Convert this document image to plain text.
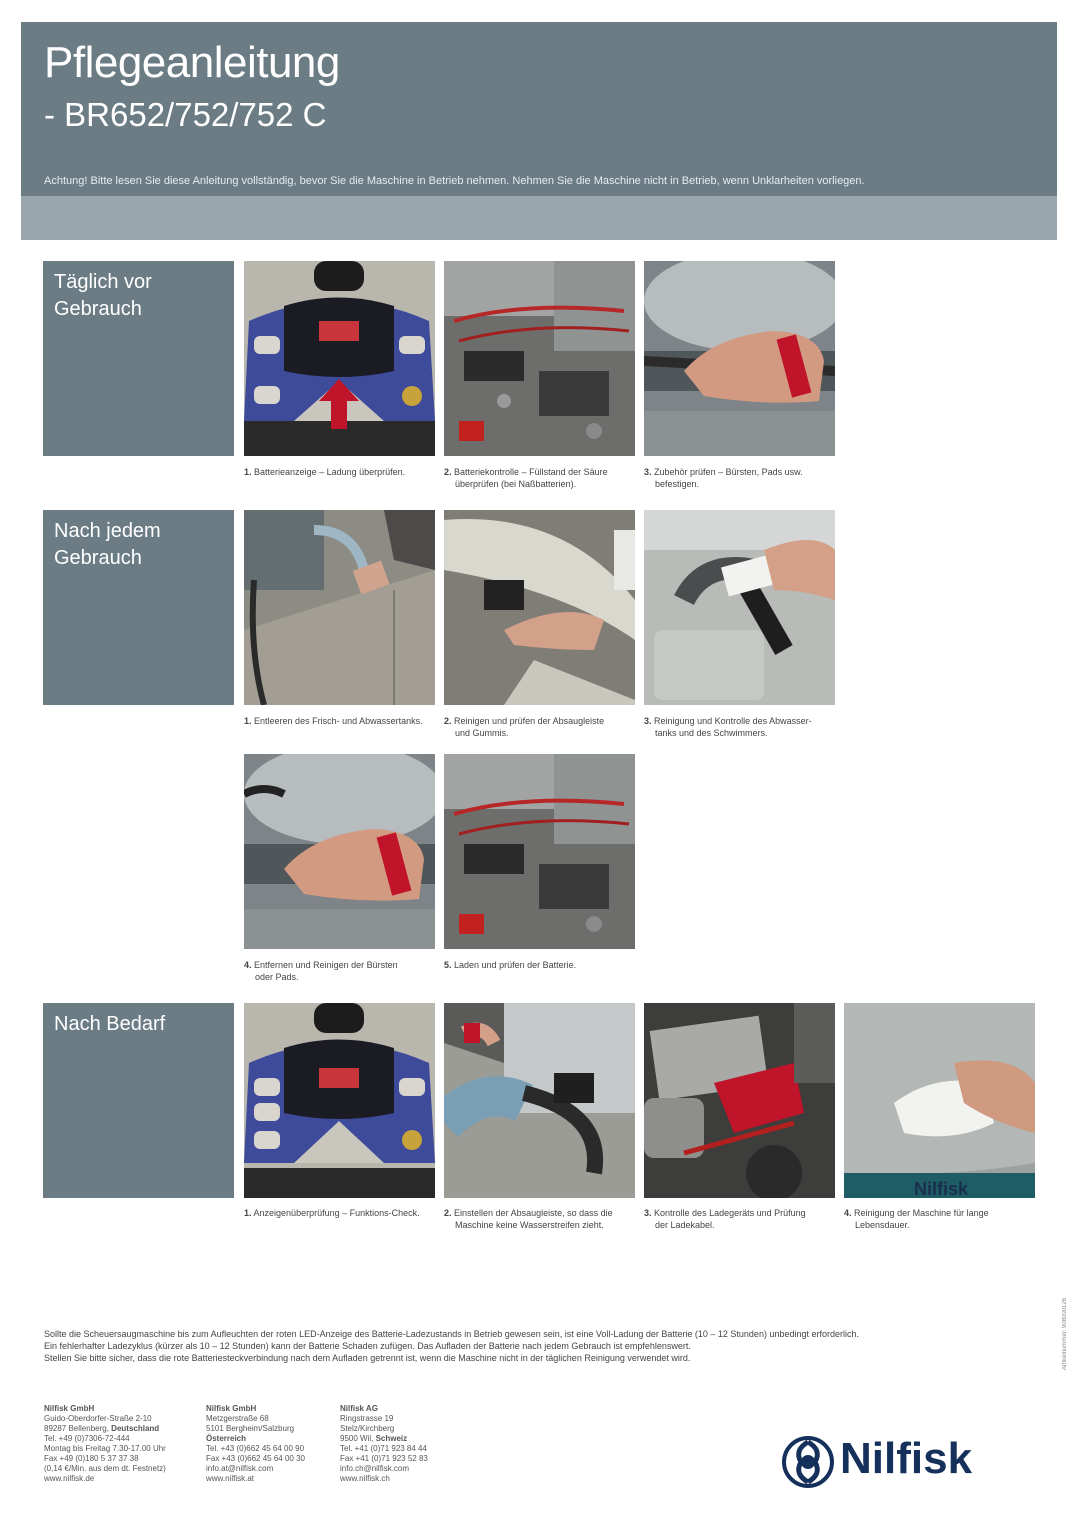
Pflegeanleitung
- BR652/752/752 C
Achtung! Bitte lesen Sie diese Anleitung vollständig, bevor Sie die Maschine in Betrieb nehmen. Nehmen Sie die Maschine nicht in Betrieb, wenn Unklarheiten vorliegen.
Täglich vor
Gebrauch
1. Batterieanzeige – Ladung überprüfen.	2. Batteriekontrolle – Füllstand der Säure
überprüfen (bei Naßbatterien).
3. Zubehör prüfen – Bürsten, Pads usw.
befestigen.
Nach jedem
Gebrauch
1. Entleeren des Frisch- und Abwassertanks.	2. Reinigen und prüfen der Absaugleiste
und Gummis.
3. Reinigung und Kontrolle des Abwasser-
tanks und des Schwimmers.
4. Entfernen und Reinigen der Bürsten
oder Pads.
5. Laden und prüfen der Batterie.
Nach Bedarf
Nilfisk
1. Anzeigenüberprüfung – Funktions-Check.	2. Einstellen der Absaugleiste, so dass die
Maschine keine Wasserstreifen zieht.
3. Kontrolle des Ladegeräts und Prüfung
der Ladekabel.
4. Reinigung der Maschine für lange
Lebensdauer.

Sollte die Scheuersaugmaschine bis zum Aufleuchten der roten LED-Anzeige des Batterie-Ladezustands in Betrieb gewesen sein, ist eine Voll-Ladung der Batterie (10 – 12 Stunden) unbedingt erforderlich.

Ein fehlerhafter Ladezyklus (kürzer als 10 – 12 Stunden) kann der Batterie Schaden zufügen. Das Aufladen der Batterie nach jedem Gebrauch ist empfehlenswert.

Stellen Sie bitte sicher, dass die rote Batteriesteckverbindung nach dem Aufladen getrennt ist, wenn die Maschine nicht in der täglichen Reinigung verwendet wird.	Artikelnummer: 908000126
Nilfisk GmbH
Guido-Oberdorfer-Straße 2-10
89287 Bellenberg, Deutschland
Tel. +49 (0)7306-72-444
Montag bis Freitag 7.30-17.00 Uhr
Fax +49 (0)180 5 37 37 38
(0,14 €/Min. aus dem dt. Festnetz)
www.nilfisk.de
Nilfisk GmbH
Metzgerstraße 68
5101 Bergheim/Salzburg
Österreich
Tel. +43 (0)662 45 64 00 90
Fax +43 (0)662 45 64 00 30
info.at@nilfisk.com
www.nilfisk.at
Nilfisk AG
Ringstrasse 19
Stelz/Kirchberg
9500 Wil, Schweiz
Tel. +41 (0)71 923 84 44
Fax +41 (0)71 923 52 83
info.ch@nilfisk.com
www.nilfisk.ch	Nilfisk
